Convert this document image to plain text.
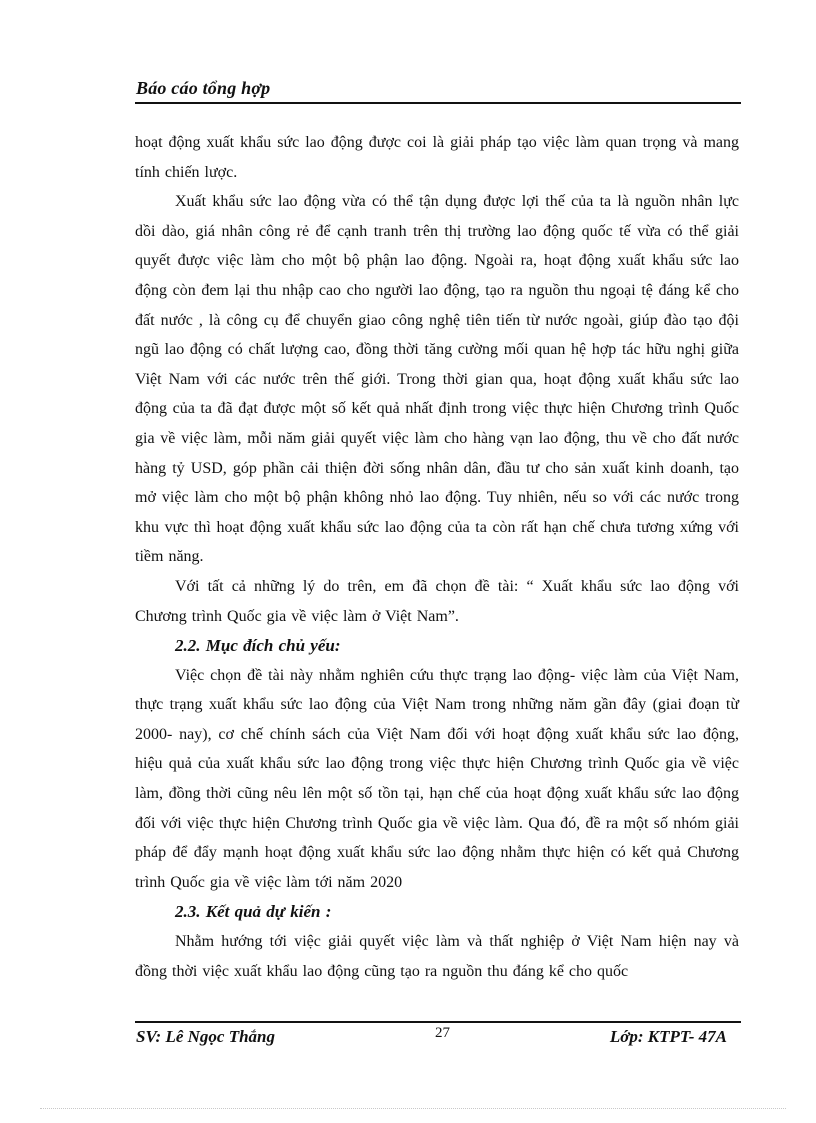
Báo cáo tổng hợp

hoạt động xuất khẩu sức lao động được coi là giải pháp tạo việc làm quan trọng và mang tính chiến lược.

Xuất khẩu sức lao động vừa có thể tận dụng được lợi thế của ta là nguồn nhân lực dồi dào, giá nhân công rẻ để cạnh tranh trên thị trường lao động quốc tế vừa có thể giải quyết được việc làm cho một bộ phận lao động. Ngoài ra, hoạt động xuất khẩu sức lao động còn đem lại thu nhập cao cho người lao động, tạo ra nguồn thu ngoại tệ đáng kể cho đất nước , là công cụ để chuyển giao công nghệ tiên tiến từ nước ngoài, giúp đào tạo đội ngũ lao động có chất lượng cao, đồng thời tăng cường mối quan hệ hợp tác hữu nghị giữa Việt Nam với các nước trên thế giới. Trong thời gian qua, hoạt động xuất khẩu sức lao động của ta đã đạt được một số kết quả nhất định trong việc thực hiện Chương trình Quốc gia về việc làm, mỗi năm giải quyết việc làm cho hàng vạn lao động, thu về cho đất nước hàng tỷ USD, góp phần cải thiện đời sống nhân dân, đầu tư cho sản xuất kinh doanh, tạo mở việc làm cho một bộ phận không nhỏ lao động. Tuy nhiên, nếu so với các nước trong khu vực thì hoạt động xuất khẩu sức lao động của ta còn rất hạn chế chưa tương xứng với tiềm năng.

Với tất cả những lý do trên, em đã chọn đề tài: “ Xuất khẩu sức lao động với Chương trình Quốc gia về việc làm ở Việt Nam”.

2.2. Mục đích chủ yếu:

Việc chọn đề tài này nhằm nghiên cứu thực trạng lao động- việc làm của Việt Nam, thực trạng xuất khẩu sức lao động của Việt Nam trong những năm gần đây (giai đoạn từ 2000- nay), cơ chế chính sách của Việt Nam đối với hoạt động xuất khẩu sức lao động, hiệu quả của xuất khẩu sức lao động trong việc thực hiện Chương trình Quốc gia về việc làm, đồng thời cũng nêu lên một số tồn tại, hạn chế của hoạt động xuất khẩu sức lao động đối với việc thực hiện Chương trình Quốc gia về việc làm. Qua đó, đề ra một số nhóm giải pháp để đẩy mạnh hoạt động xuất khẩu sức lao động nhằm thực hiện có kết quả Chương trình Quốc gia về việc làm tới năm 2020

2.3. Kết quả dự kiến :

Nhằm hướng tới việc giải quyết việc làm và thất nghiệp ở Việt Nam hiện nay và đồng thời việc xuất khẩu lao động cũng tạo ra nguồn thu đáng kể cho quốc

SV: Lê Ngọc Thắng	27	Lớp: KTPT- 47A
